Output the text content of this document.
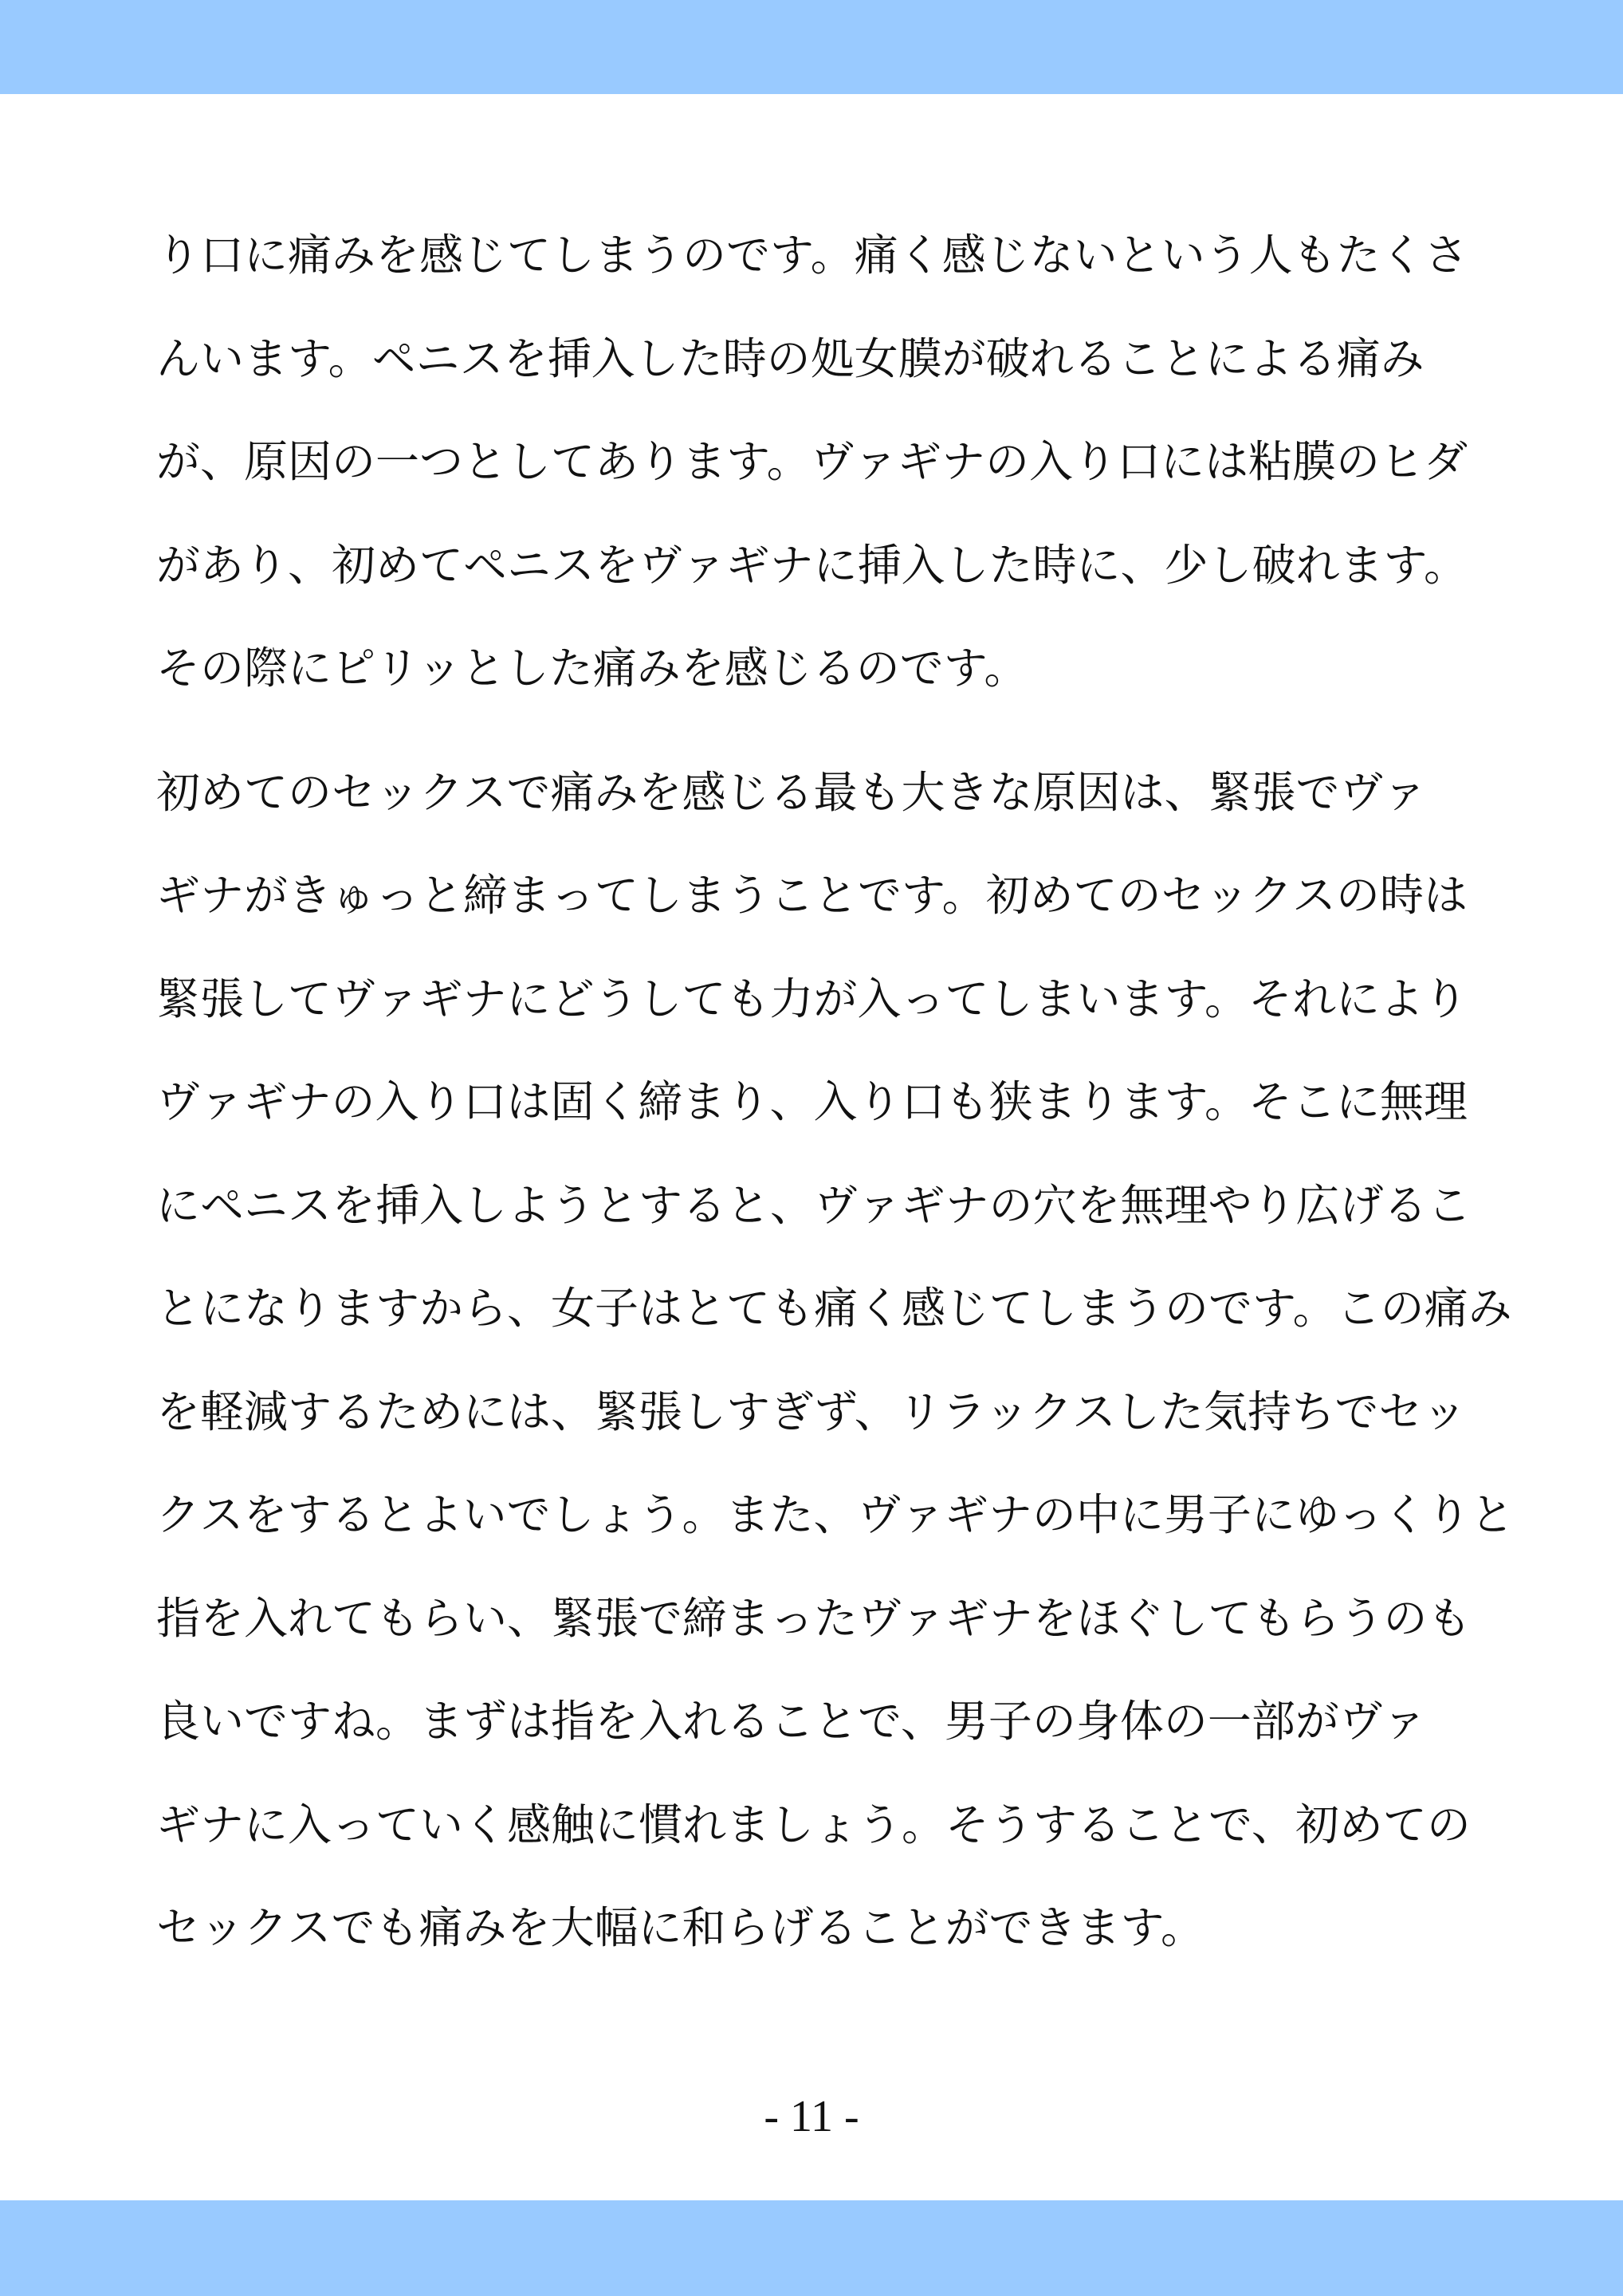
り口に痛みを感じてしまうのです。痛く感じないという人もたくさ
んいます。ペニスを挿入した時の処女膜が破れることによる痛み
が、原因の一つとしてあります。ヴァギナの入り口には粘膜のヒダ
があり、初めてペニスをヴァギナに挿入した時に、少し破れます。
その際にピリッとした痛みを感じるのです。

初めてのセックスで痛みを感じる最も大きな原因は、緊張でヴァ
ギナがきゅっと締まってしまうことです。初めてのセックスの時は
緊張してヴァギナにどうしても力が入ってしまいます。それにより
ヴァギナの入り口は固く締まり、入り口も狭まります。そこに無理
にペニスを挿入しようとすると、ヴァギナの穴を無理やり広げるこ
とになりますから、女子はとても痛く感じてしまうのです。この痛み
を軽減するためには、緊張しすぎず、リラックスした気持ちでセッ
クスをするとよいでしょう。また、ヴァギナの中に男子にゆっくりと
指を入れてもらい、緊張で締まったヴァギナをほぐしてもらうのも
良いですね。まずは指を入れることで、男子の身体の一部がヴァ
ギナに入っていく感触に慣れましょう。そうすることで、初めての
セックスでも痛みを大幅に和らげることができます。

- 11 -
